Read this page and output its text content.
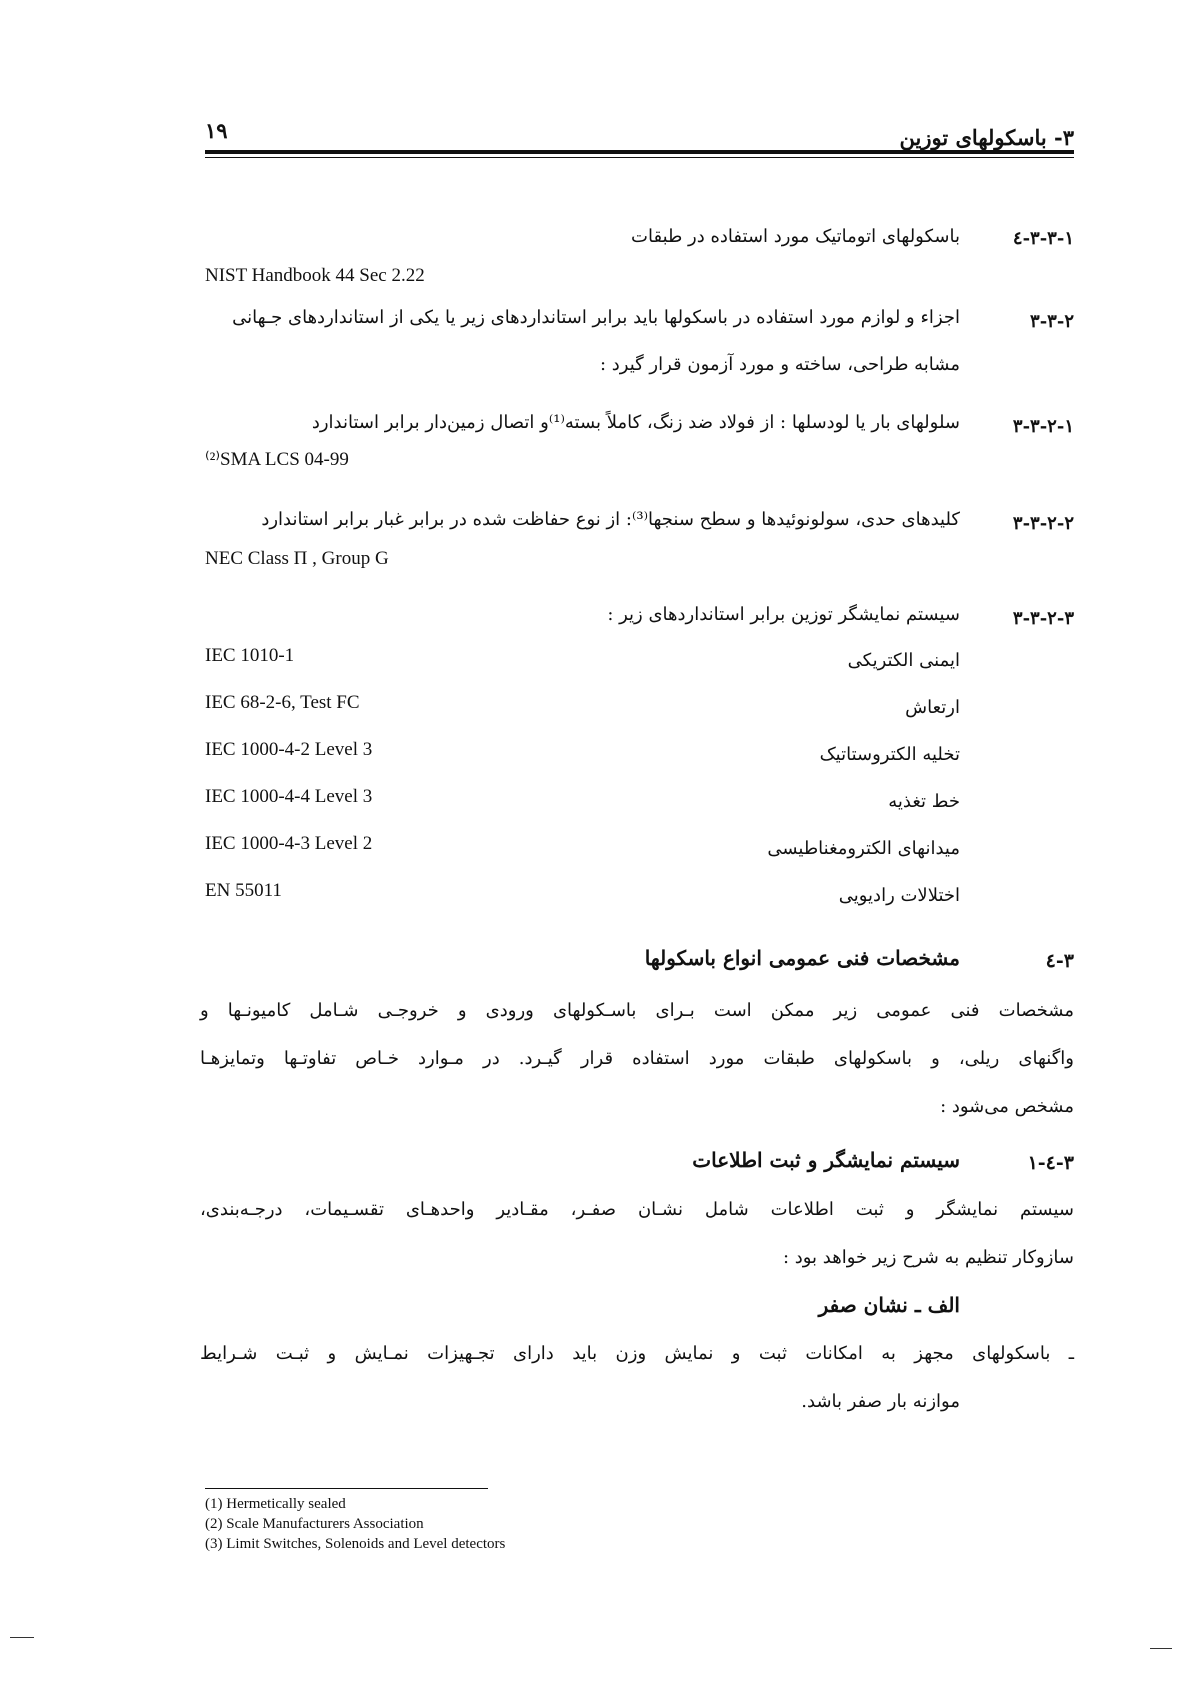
۱۹	۳- باسکولهای توزین
۳-۳-۱-٤
باسکولهای اتوماتیک مورد استفاده در طبقات
NIST Handbook 44 Sec 2.22
۳-۳-۲
اجزاء و لوازم مورد استفاده در باسکولها باید برابر استانداردهای زیر یا یکی از استانداردهای جـهانی
مشابه طراحی، ساخته و مورد آزمون قرار گیرد :
۳-۳-۲-۱
سلولهای بار یا لودسلها : از فولاد ضد زنگ، کاملاً بسته⁽¹⁾و اتصال زمین‌دار برابر استاندارد
⁽²⁾SMA LCS 04-99
۳-۳-۲-۲
کلیدهای حدی، سولونوئیدها و سطح سنجها⁽³⁾: از نوع حفاظت شده در برابر غبار برابر استاندارد
NEC Class Π , Group G
۳-۳-۲-۳
سیستم نمایشگر توزین برابر استانداردهای زیر :
ایمنی الکتریکی
IEC 1010-1
ارتعاش
IEC 68-2-6, Test FC
تخلیه الکتروستاتیک
IEC 1000-4-2 Level 3
خط تغذیه
IEC 1000-4-4 Level 3
میدانهای الکترومغناطیسی
IEC 1000-4-3 Level 2
اختلالات رادیویی
EN 55011
۳-٤
مشخصات فنی عمومی انواع باسکولها
مشخصات فنی عمومی زیر ممکن است بـرای باسـکولهای ورودی و خروجـی شـامل کامیونـها و
واگنهای ریلی، و باسکولهای طبقات مورد استفاده قرار گیـرد. در مـوارد خـاص تفاوتـها وتمایزهـا
مشخص می‌شود :
۳-٤-۱
سیستم نمایشگر و ثبت اطلاعات
سیستم نمایشگر و ثبت اطلاعات شامل نشـان صفـر، مقـادیر واحدهـای تقسـیمات، درجـه‌بندی،
سازوکار تنظیم به شرح زیر خواهد بود :
الف ـ نشان صفر
ـ باسکولهای مجهز به امکانات ثبت و نمایش وزن باید دارای تجـهیزات نمـایش و ثبـت شـرایط
موازنه بار صفر باشد.
(1) Hermetically sealed
(2) Scale Manufacturers Association
(3) Limit Switches, Solenoids and Level detectors
